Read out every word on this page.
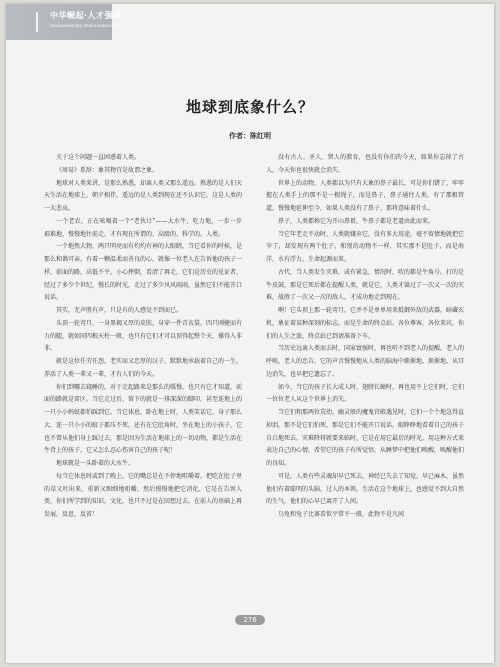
中华崛起·人才强国
ZHONGHUAJUEQI RENCAIQIANGGUO
地球到底象什么？
作者：陈红明

关于这个问题一直困惑着人类。

《周易》系辞：象其物宜是故谓之象。

地球对人类来讲，是那么熟悉，却离人类又那么遥远。熟悉的是人们天天生活在地球上，朝夕相伴，遥远的是人类到现在还不认识它，这是人类的一大悲哀。

一个老农，正在吆喝着一个“老伙计”——大水牛，吃力地，一步一步艰难地，慢慢地往前走，才有现在所谓的、高级的、科学的，人类。

一个地然大物，两只明亮而有灼灼有神的大眼睛，当它看你的时候，是那么和蔼可亲，有着一颗温柔而善良的心，就像一位老人在告诉他的孩子一样，前面的路，高低不平，小心摔倒，看清了再走，它们是历史的见证者，经过了多少个世纪，慢长的时光，走过了多少风风雨雨，虽然它们不能开口说话。

其实，无声胜有声，只是有的人感觉不到而已。

头顶一轮弯月，一身黑褐又厚的皮肤，身穿一件青衣裳，四只刚健而有力的腿，就如同四根天柱一般，也只有它们才可以顶得起整个天，撑得入非非。

就是这位任劳任怨，老实而又忠厚的汉子，默默地承载着自己的一生，养活了人类一辈又一辈，才有人们的今天。

你们到哪去寝睡的，对于走起路来是那么的缓慢，也只有它才知道，前面的路就是雷区。当它走过后，留下的就是一排深深的脚印，甚至连地上的一只小小蚂蚁都怕踩到它。当它体息，卧在地上时，人类笑话它，身子那么大，连一只小小的蚊子都压不死，还有在它肚角时，坐在地上的小孩子，它也不曾从他们身上踩过去，那是因为生活在地球上的一切动物，都是生活在牛背上的孩子，它又怎么忍心伤害自己的孩子呢！

地球就是一头卧着的大水牛。

每当它休息时或到了晚上，它的嘴总是在不停地咀嚼着，把吃在肚子里的草又吐出来，重新又细细地咀嚼，然后慢慢地把它消化，它是在告诉人类，你们所学到的知识，文化，也只不过是在回想过去，在前人的基础上再发展，反思，反省！

没有古人、圣人、贤人的教育，也没有你们的今天，如果你忘掉了古人，今天你也很快就会消失。

世界上的动物，人类都以为只有大象的鼻子最长，可是你们错了，牢牢握在人类手上的那不是一根绳子，而是鼻子，鼻子通往人类，有了那根管道，慢慢地延伸至今，如果人类没有了鼻子，那将意味着什么。

鼻子，人类都称它为开山鼻祖，牛鼻子都是老道由此而来。

当它年老走不动时，人类就嫌弃它，没有多大用途，毫不留情地就把它宰了，却发现有两个肚子，和别的动物不一样，其实那不是肚子，而是海洋，水有浮力，生命起源而来。

古代，当人类发生灾难，或有紧急，情况时，吹的都是牛角号。打的是牛皮鼓，那是它死后都在提醒人类，就是它，人类才躲过了一次又一次的灾难，战胜了一次又一次的敌人，才成功地走到现在。

啊！它头顶上那一轮弯月，它并不是单单用来抵御外敌的武器，暗藏玄机，象征着某种深刻的标志，而是生命的终点站。各位尊客，各位来宾，你们的人生之旅，终点站已到请准备下车。

当历史远离人类而去时，国家富强时，再也听不到老人的提醒，老人的呼唤，老人的忠告，它的声音慢慢地从人类的脑海中渐渐地，渐渐地，从耳边消失，也早把它遗忘了。

如今，当它的孩子长大成人时，翅膀长硬时，再也用不上它们时，它们一位位老人从这个世界上消失。

当它们和那两位荒幼，幽灵般的魔鬼官殿遇见时，它们一个个地急得直掉泪，那不是它们怕死，那是它们不能开口说话，眼睁睁地看着自己的孩子自白地死去，灾难降将就要来临时，它是在用它最后的时光，用这种方式来表达自己的心情，希望它的孩子有所觉悟，从睡梦中把他们唤醒，唤醒他们的良知。

可是，人类有些灵魂却早已死去，神经已失去了知觉，早已麻木，虽然他们有着聪明的头脑，过人的本领，生活在这个地球上，也感觉不到大自然的生气，他们的心早已离开了人间。

乌龟和兔子比赛看似平常不一般，此物不是凡间

276
